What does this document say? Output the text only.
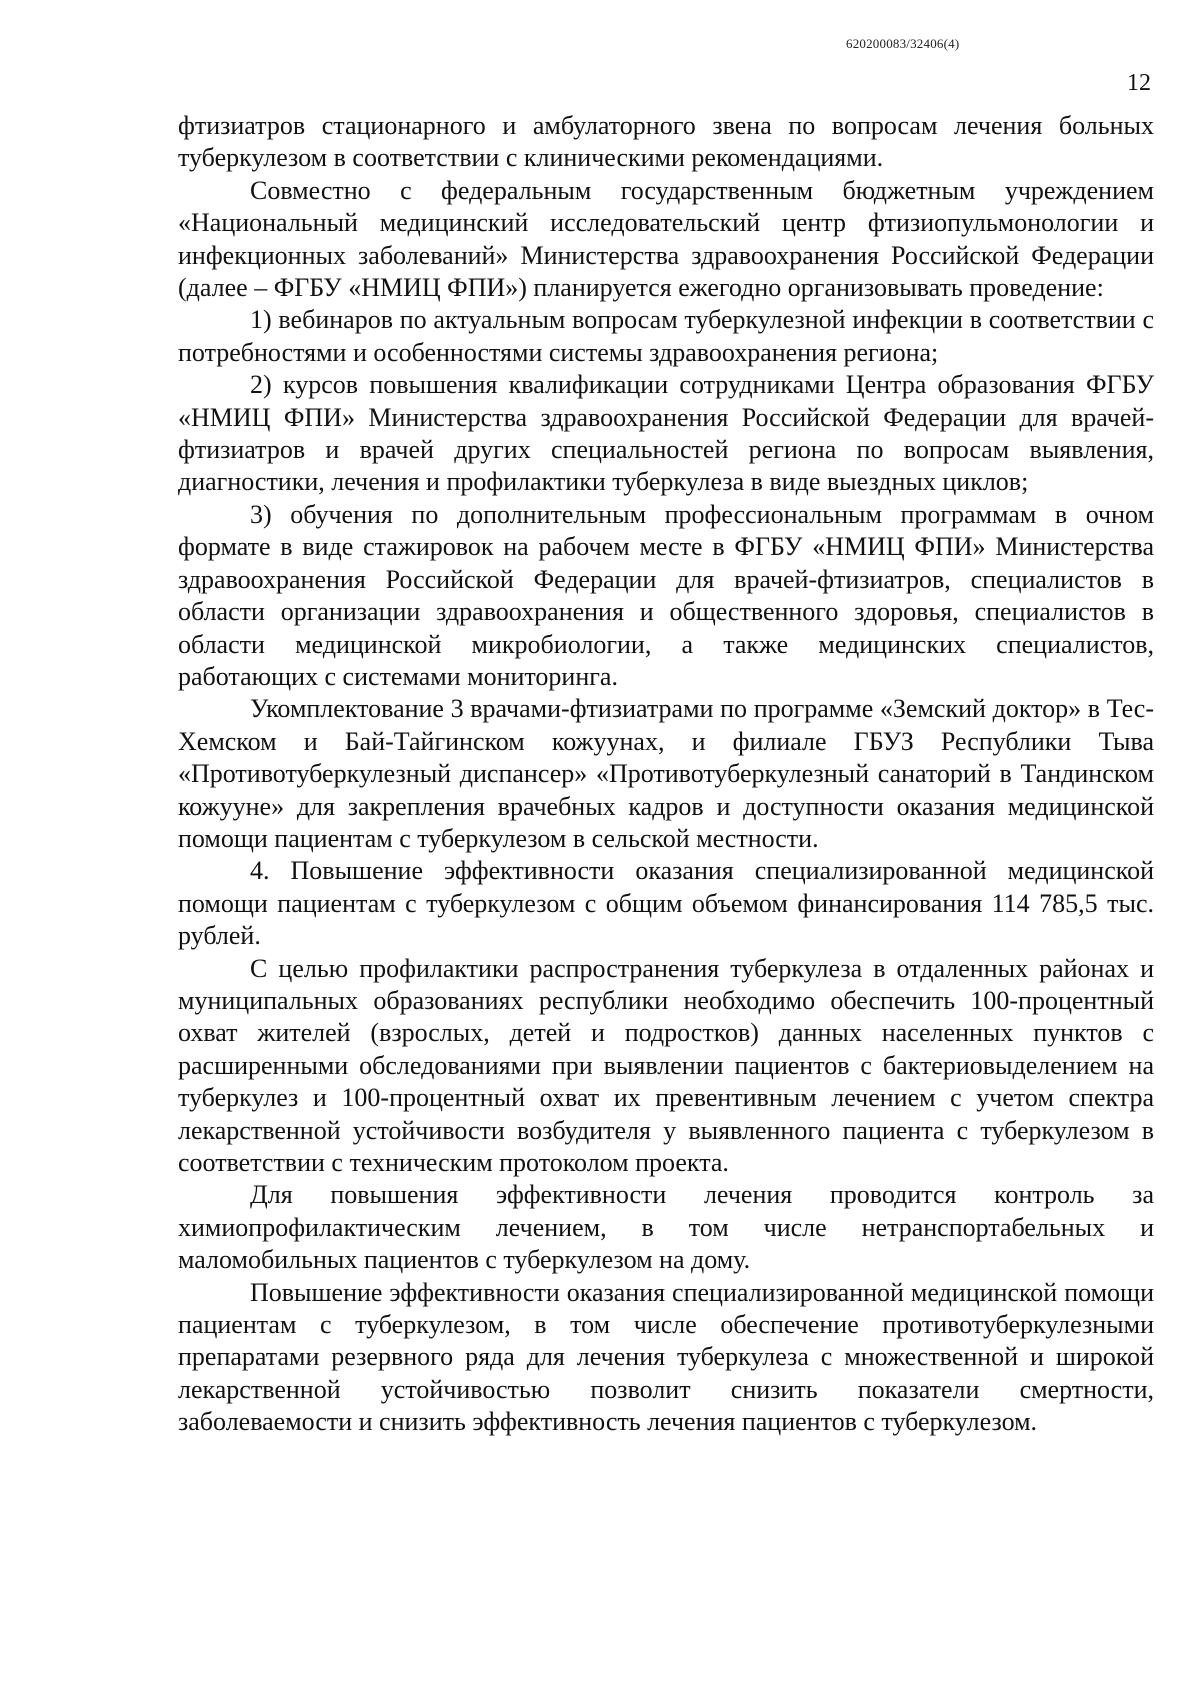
620200083/32406(4)
12

фтизиатров стационарного и амбулаторного звена по вопросам лечения больных туберкулезом в соответствии с клиническими рекомендациями.

Совместно с федеральным государственным бюджетным учреждением «Национальный медицинский исследовательский центр фтизиопульмонологии и инфекционных заболеваний» Министерства здравоохранения Российской Федерации (далее – ФГБУ «НМИЦ ФПИ») планируется ежегодно организовывать проведение:

1) вебинаров по актуальным вопросам туберкулезной инфекции в соответствии с потребностями и особенностями системы здравоохранения региона;

2) курсов повышения квалификации сотрудниками Центра образования ФГБУ «НМИЦ ФПИ» Министерства здравоохранения Российской Федерации для врачей-фтизиатров и врачей других специальностей региона по вопросам выявления, диагностики, лечения и профилактики туберкулеза в виде выездных циклов;

3) обучения по дополнительным профессиональным программам в очном формате в виде стажировок на рабочем месте в ФГБУ «НМИЦ ФПИ» Министерства здравоохранения Российской Федерации для врачей-фтизиатров, специалистов в области организации здравоохранения и общественного здоровья, специалистов в области медицинской микробиологии, а также медицинских специалистов, работающих с системами мониторинга.

Укомплектование 3 врачами-фтизиатрами по программе «Земский доктор» в Тес-Хемском и Бай-Тайгинском кожуунах, и филиале ГБУЗ Республики Тыва «Противотуберкулезный диспансер» «Противотуберкулезный санаторий в Тандинском кожууне» для закрепления врачебных кадров и доступности оказания медицинской помощи пациентам с туберкулезом в сельской местности.

4. Повышение эффективности оказания специализированной медицинской помощи пациентам с туберкулезом с общим объемом финансирования 114 785,5 тыс. рублей.

С целью профилактики распространения туберкулеза в отдаленных районах и муниципальных образованиях республики необходимо обеспечить 100-процентный охват жителей (взрослых, детей и подростков) данных населенных пунктов с расширенными обследованиями при выявлении пациентов с бактериовыделением на туберкулез и 100-процентный охват их превентивным лечением с учетом спектра лекарственной устойчивости возбудителя у выявленного пациента с туберкулезом в соответствии с техническим протоколом проекта.

Для повышения эффективности лечения проводится контроль за химиопрофилактическим лечением, в том числе нетранспортабельных и маломобильных пациентов с туберкулезом на дому.

Повышение эффективности оказания специализированной медицинской помощи пациентам с туберкулезом, в том числе обеспечение противотуберкулезными препаратами резервного ряда для лечения туберкулеза с множественной и широкой лекарственной устойчивостью позволит снизить показатели смертности, заболеваемости и снизить эффективность лечения пациентов с туберкулезом.
